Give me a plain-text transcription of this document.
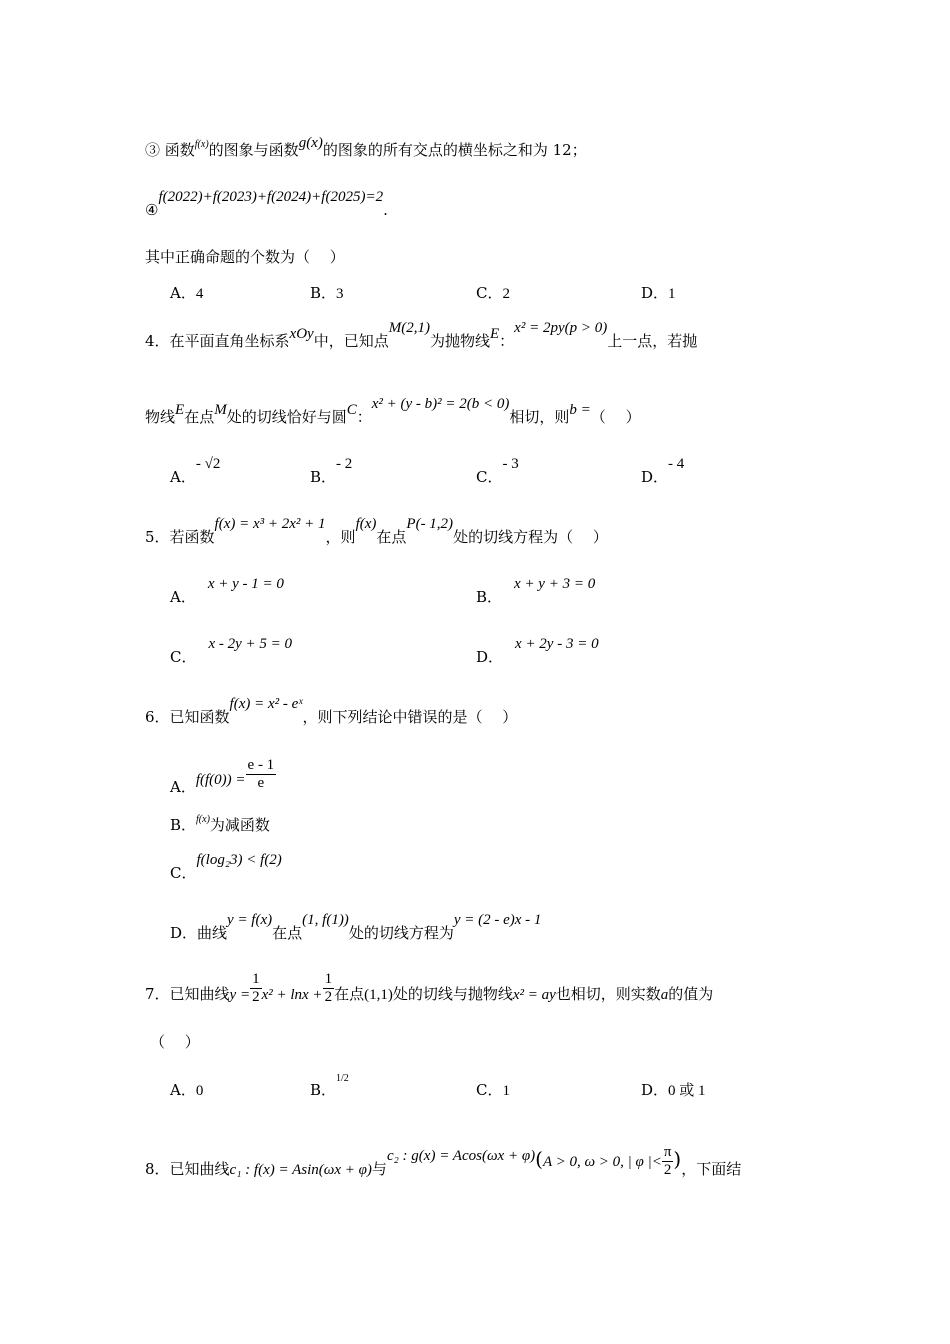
③ 函数$^{f(x)}$的图象与函数g(x)的图象的所有交点的横坐标之和为 12；
④f(2022)+f(2023)+f(2024)+f(2025)=2.
其中正确命题的个数为（　 ）
A．4	B．3	C．2	D．1
4．在平面直角坐标系xOy中，已知点M(2,1)为抛物线E：x² = 2py(p > 0)上一点，若抛
物线E在点M处的切线恰好与圆C：x² + (y - b)² = 2(b < 0)相切，则b =（　 ）
A．- √2
B．- 2
C．- 3
D．- 4
5．若函数f(x) = x³ + 2x² + 1，则f(x)在点P(- 1,2)处的切线方程为（　 ）
A．x + y - 1 = 0
B．x + y + 3 = 0
C．x - 2y + 5 = 0
D．x + 2y - 3 = 0
6．已知函数f(x) = x² - eˣ，则下列结论中错误的是（　 ）
A．$f(f(0)) = \frac{e - 1}{e}$
B．$^{f(x)}$为减函数
C．f(log₂3) < f(2)
D．曲线y = f(x)在点(1, f(1))处的切线方程为y = (2 - e)x - 1
7．已知曲线$y = \frac{1}{2} x^2 + \ln x + \frac{1}{2}$ 在点(1,1)处的切线与抛物线x² = ay也相切，则实数a的值为
（　 ）
A．0	B．$^{1/2}$
C．1	D．0 或 1
8．已知曲线c₁ : f(x) = Asin(ωx + φ)与c₂ : g(x) = Acos(ωx + φ)(A > 0, ω > 0, | φ |< $\frac{\pi}{2}$ )，下面结
